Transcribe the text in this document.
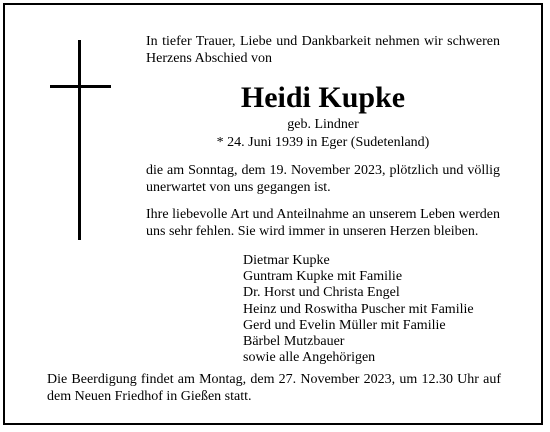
In tiefer Trauer, Liebe und Dankbarkeit nehmen wir schweren Herzens Abschied von
Heidi Kupke
geb. Lindner
* 24. Juni 1939 in Eger (Sudetenland)
die am Sonntag, dem 19. November 2023, plötzlich und völlig unerwartet von uns gegangen ist.
Ihre liebevolle Art und Anteilnahme an unserem Leben werden uns sehr fehlen. Sie wird immer in unseren Herzen bleiben.
Dietmar Kupke
Guntram Kupke mit Familie
Dr. Horst und Christa Engel
Heinz und Roswitha Puscher mit Familie
Gerd und Evelin Müller mit Familie
Bärbel Mutzbauer
sowie alle Angehörigen
Die Beerdigung findet am Montag, dem 27. November 2023, um 12.30 Uhr auf dem Neuen Friedhof in Gießen statt.
